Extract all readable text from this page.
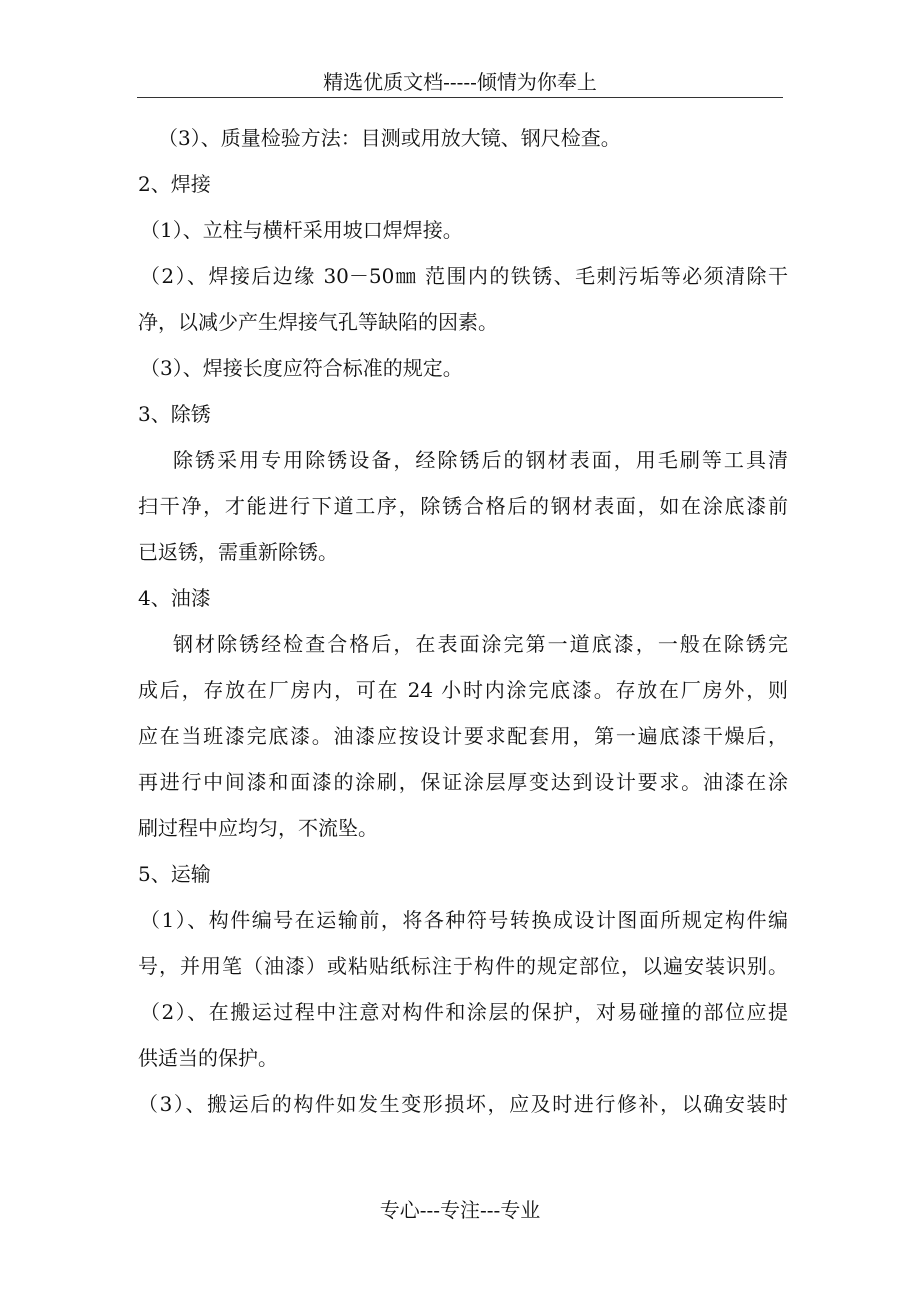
精选优质文档-----倾情为你奉上
（3）、质量检验方法：目测或用放大镜、钢尺检查。
2、焊接
（1）、立柱与横杆采用坡口焊焊接。
（2）、焊接后边缘 30－50㎜ 范围内的铁锈、毛刺污垢等必须清除干
净，以减少产生焊接气孔等缺陷的因素。
（3）、焊接长度应符合标准的规定。
3、除锈
除锈采用专用除锈设备，经除锈后的钢材表面，用毛刷等工具清
扫干净，才能进行下道工序，除锈合格后的钢材表面，如在涂底漆前
已返锈，需重新除锈。
4、油漆
钢材除锈经检查合格后，在表面涂完第一道底漆，一般在除锈完
成后，存放在厂房内，可在 24 小时内涂完底漆。存放在厂房外，则
应在当班漆完底漆。油漆应按设计要求配套用，第一遍底漆干燥后，
再进行中间漆和面漆的涂刷，保证涂层厚变达到设计要求。油漆在涂
刷过程中应均匀，不流坠。
5、运输
（1）、构件编号在运输前，将各种符号转换成设计图面所规定构件编
号，并用笔（油漆）或粘贴纸标注于构件的规定部位，以遍安装识别。
（2）、在搬运过程中注意对构件和涂层的保护，对易碰撞的部位应提
供适当的保护。
（3）、搬运后的构件如发生变形损坏，应及时进行修补，以确安装时
专心---专注---专业
